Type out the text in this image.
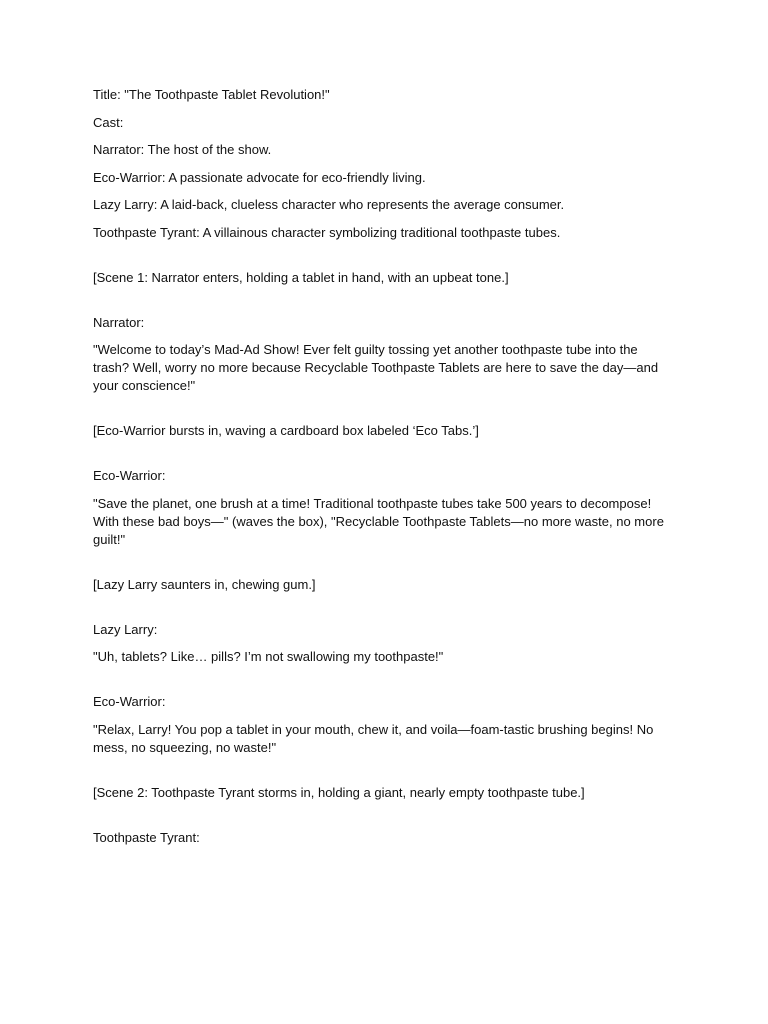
Title: "The Toothpaste Tablet Revolution!"

Cast:

Narrator: The host of the show.

Eco-Warrior: A passionate advocate for eco-friendly living.

Lazy Larry: A laid-back, clueless character who represents the average consumer.

Toothpaste Tyrant: A villainous character symbolizing traditional toothpaste tubes.

[Scene 1: Narrator enters, holding a tablet in hand, with an upbeat tone.]

Narrator:

"Welcome to today’s Mad-Ad Show! Ever felt guilty tossing yet another toothpaste tube into the trash? Well, worry no more because Recyclable Toothpaste Tablets are here to save the day—and your conscience!"

[Eco-Warrior bursts in, waving a cardboard box labeled ‘Eco Tabs.’]

Eco-Warrior:

"Save the planet, one brush at a time! Traditional toothpaste tubes take 500 years to decompose! With these bad boys—" (waves the box), "Recyclable Toothpaste Tablets—no more waste, no more guilt!"

[Lazy Larry saunters in, chewing gum.]

Lazy Larry:

"Uh, tablets? Like… pills? I’m not swallowing my toothpaste!"

Eco-Warrior:

"Relax, Larry! You pop a tablet in your mouth, chew it, and voila—foam-tastic brushing begins! No mess, no squeezing, no waste!"

[Scene 2: Toothpaste Tyrant storms in, holding a giant, nearly empty toothpaste tube.]

Toothpaste Tyrant:
